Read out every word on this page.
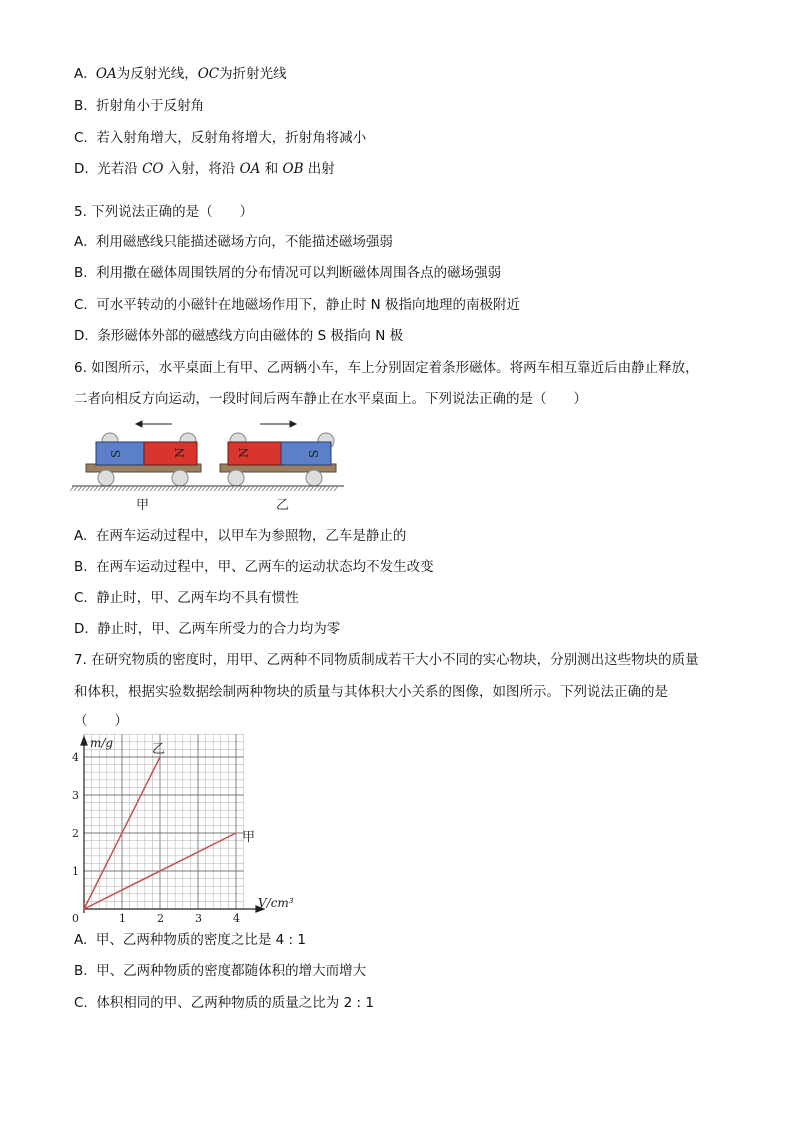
A. OA为反射光线，OC为折射光线
B. 折射角小于反射角
C. 若入射角增大，反射角将增大，折射角将减小
D. 光若沿 CO 入射，将沿 OA 和 OB 出射
5. 下列说法正确的是（　　）
A. 利用磁感线只能描述磁场方向，不能描述磁场强弱
B. 利用撒在磁体周围铁屑的分布情况可以判断磁体周围各点的磁场强弱
C. 可水平转动的小磁针在地磁场作用下，静止时 N 极指向地理的南极附近
D. 条形磁体外部的磁感线方向由磁体的 S 极指向 N 极
6. 如图所示，水平桌面上有甲、乙两辆小车，车上分别固定着条形磁体。将两车相互靠近后由静止释放，
二者向相反方向运动，一段时间后两车静止在水平桌面上。下列说法正确的是（　　）
S	N	N	S
甲	乙
A. 在两车运动过程中，以甲车为参照物，乙车是静止的
B. 在两车运动过程中，甲、乙两车的运动状态均不发生改变
C. 静止时，甲、乙两车均不具有惯性
D. 静止时，甲、乙两车所受力的合力均为零
7. 在研究物质的密度时，用甲、乙两种不同物质制成若干大小不同的实心物块，分别测出这些物块的质量
和体积，根据实验数据绘制两种物块的质量与其体积大小关系的图像，如图所示。下列说法正确的是
（　　）
乙
甲
0	1	2	3	4
1
2
3
4
m/g
V/cm³
A. 甲、乙两种物质的密度之比是 4 : 1
B. 甲、乙两种物质的密度都随体积的增大而增大
C. 体积相同的甲、乙两种物质的质量之比为 2 : 1
